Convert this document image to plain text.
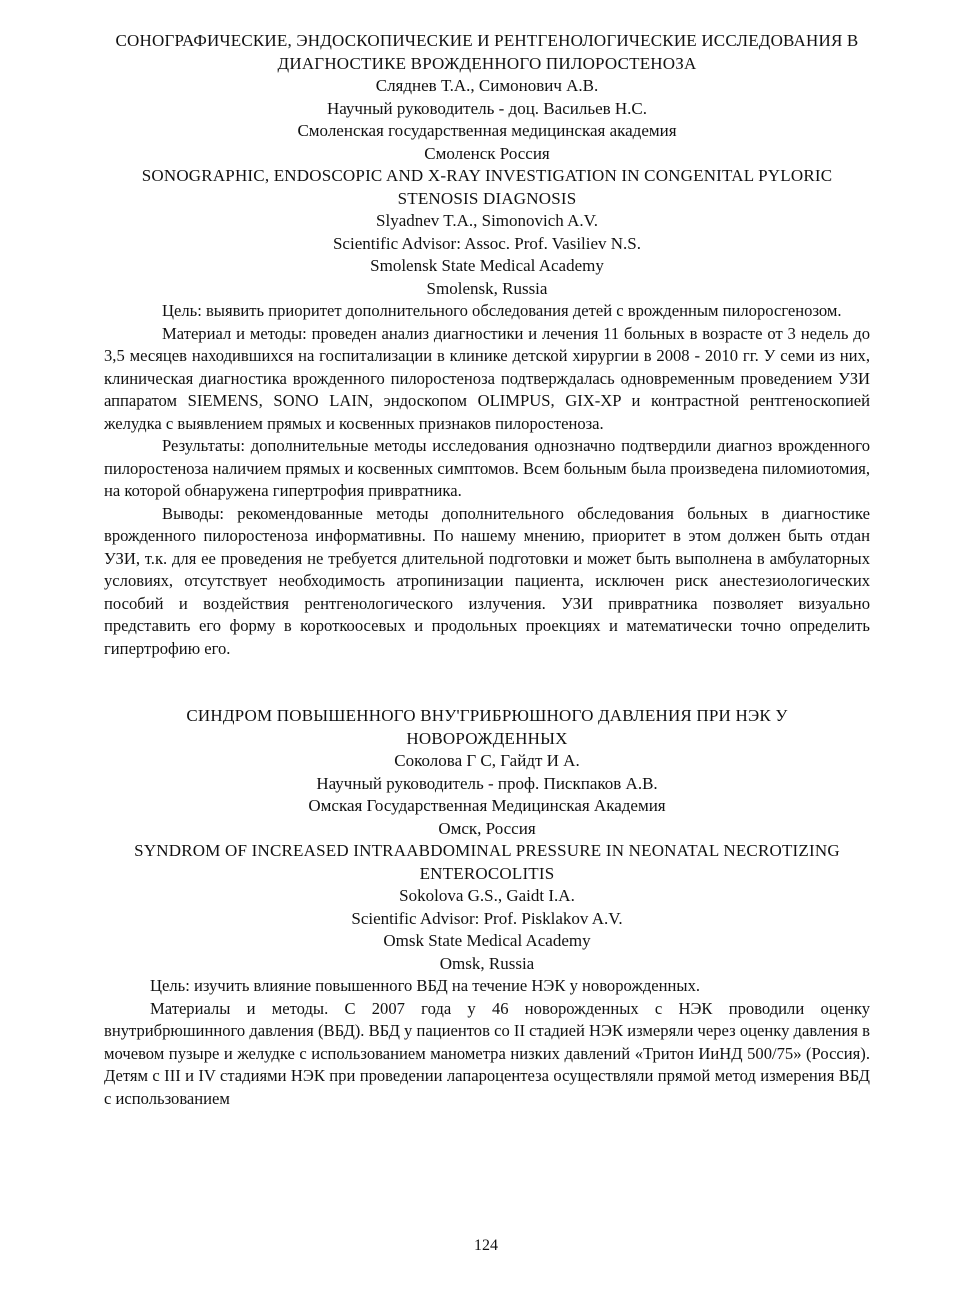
СОНОГРАФИЧЕСКИЕ, ЭНДОСКОПИЧЕСКИЕ И РЕНТГЕНОЛОГИЧЕСКИЕ ИССЛЕДОВАНИЯ В ДИАГНОСТИКЕ ВРОЖДЕННОГО ПИЛОРОСТЕНОЗА

Сляднев Т.А., Симонович А.В.

Научный руководитель - доц. Васильев Н.С.

Смоленская государственная медицинская академия

Смоленск Россия

SONOGRAPHIC, ENDOSCOPIC AND X-RAY INVESTIGATION IN CONGENITAL PYLORIC STENOSIS DIAGNOSIS

Slyadnev T.A., Simonovich A.V.

Scientific Advisor: Assoc. Prof. Vasiliev N.S.

Smolensk State Medical Academy

Smolensk, Russia

Цель: выявить приоритет дополнительного обследования детей с врожденным пилоросгенозом.

Материал и методы: проведен анализ диагностики и лечения 11 больных в возрасте от 3 недель до 3,5 месяцев находившихся на госпитализации в клинике детской хирургии в 2008 - 2010 гг. У семи из них, клиническая диагностика врожденного пилоростеноза подтверждалась одновременным проведением УЗИ аппаратом SIEMENS, SONO LAIN, эндоскопом OLIMPUS, GIX-XP и контрастной рентгеноскопией желудка с выявлением прямых и косвенных признаков пилоростеноза.

Результаты: дополнительные методы исследования однозначно подтвердили диагноз врожденного пилоростеноза наличием прямых и косвенных симптомов. Всем больным была произведена пиломиотомия, на которой обнаружена гипертрофия привратника.

Выводы: рекомендованные методы дополнительного обследования больных в диагностике врожденного пилоростеноза информативны. По нашему мнению, приоритет в этом должен быть отдан УЗИ, т.к. для ее проведения не требуется длительной подготовки и может быть выполнена в амбулаторных условиях, отсутствует необходимость атропинизации пациента, исключен риск анестезиологических пособий и воздействия рентгенологического излучения. УЗИ привратника позволяет визуально представить его форму в короткоосевых и продольных проекциях и математически точно определить гипертрофию его.

СИНДРОМ ПОВЫШЕННОГО ВНУ'ГРИБРЮШНОГО ДАВЛЕНИЯ ПРИ НЭК У НОВОРОЖДЕННЫХ

Соколова Г С, Гайдт И А.

Научный руководитель - проф. Пискпаков А.В.

Омская Государственная Медицинская Академия

Омск, Россия

SYNDROM OF INCREASED INTRAABDOMINAL PRESSURE IN NEONATAL NECROTIZING ENTEROCOLITIS

Sokolova G.S., Gaidt I.A.

Scientific Advisor: Prof. Pisklakov A.V.

Omsk State Medical Academy

Omsk, Russia

Цель: изучить влияние повышенного ВБД на течение НЭК у новорожденных.

Материалы и методы. С 2007 года у 46 новорожденных с НЭК проводили оценку внутрибрюшинного давления (ВБД). ВБД у пациентов со II стадией НЭК измеряли через оценку давления в мочевом пузыре и желудке с использованием манометра низких давлений «Тритон ИиНД 500/75» (Россия). Детям с III и IV стадиями НЭК при проведении лапароцентеза осуществляли прямой метод измерения ВБД с использованием

124
